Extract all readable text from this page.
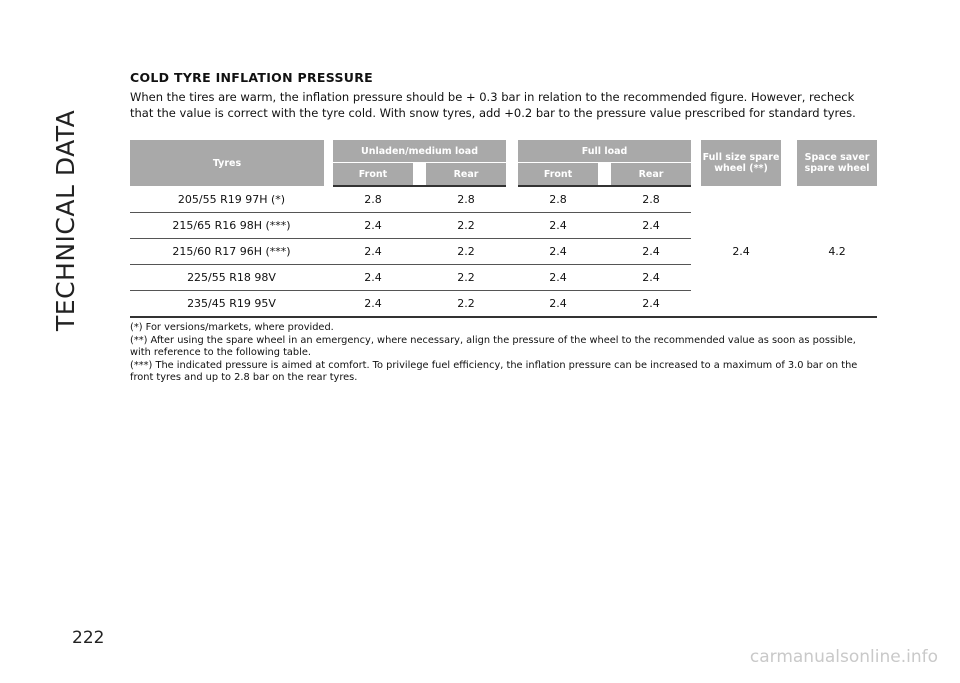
TECHNICAL DATA
222
COLD TYRE INFLATION PRESSURE

When the tires are warm, the inflation pressure should be + 0.3 bar in relation to the recommended figure. However, recheck that the value is correct with the tyre cold. With snow tyres, add +0.2 bar to the pressure value prescribed for standard tyres.

Tyres		Unladen/medium load				Full load				Full size spare wheel (**)		Space saver spare wheel
		Front		Rear		Front		Rear				
205/55 R19 97H (*)		2.8		2.8		2.8		2.8		2.4		4.2
215/65 R16 98H (***)		2.4		2.2		2.4		2.4				
215/60 R17 96H (***)		2.4		2.2		2.4		2.4				
225/55 R18 98V		2.4		2.2		2.4		2.4				
235/45 R19 95V		2.4		2.2		2.4		2.4				

(*) For versions/markets, where provided.

(**) After using the spare wheel in an emergency, where necessary, align the pressure of the wheel to the recommended value as soon as possible, with reference to the following table.

(***) The indicated pressure is aimed at comfort. To privilege fuel efficiency, the inflation pressure can be increased to a maximum of 3.0 bar on the front tyres and up to 2.8 bar on the rear tyres.

carmanualsonline.info
